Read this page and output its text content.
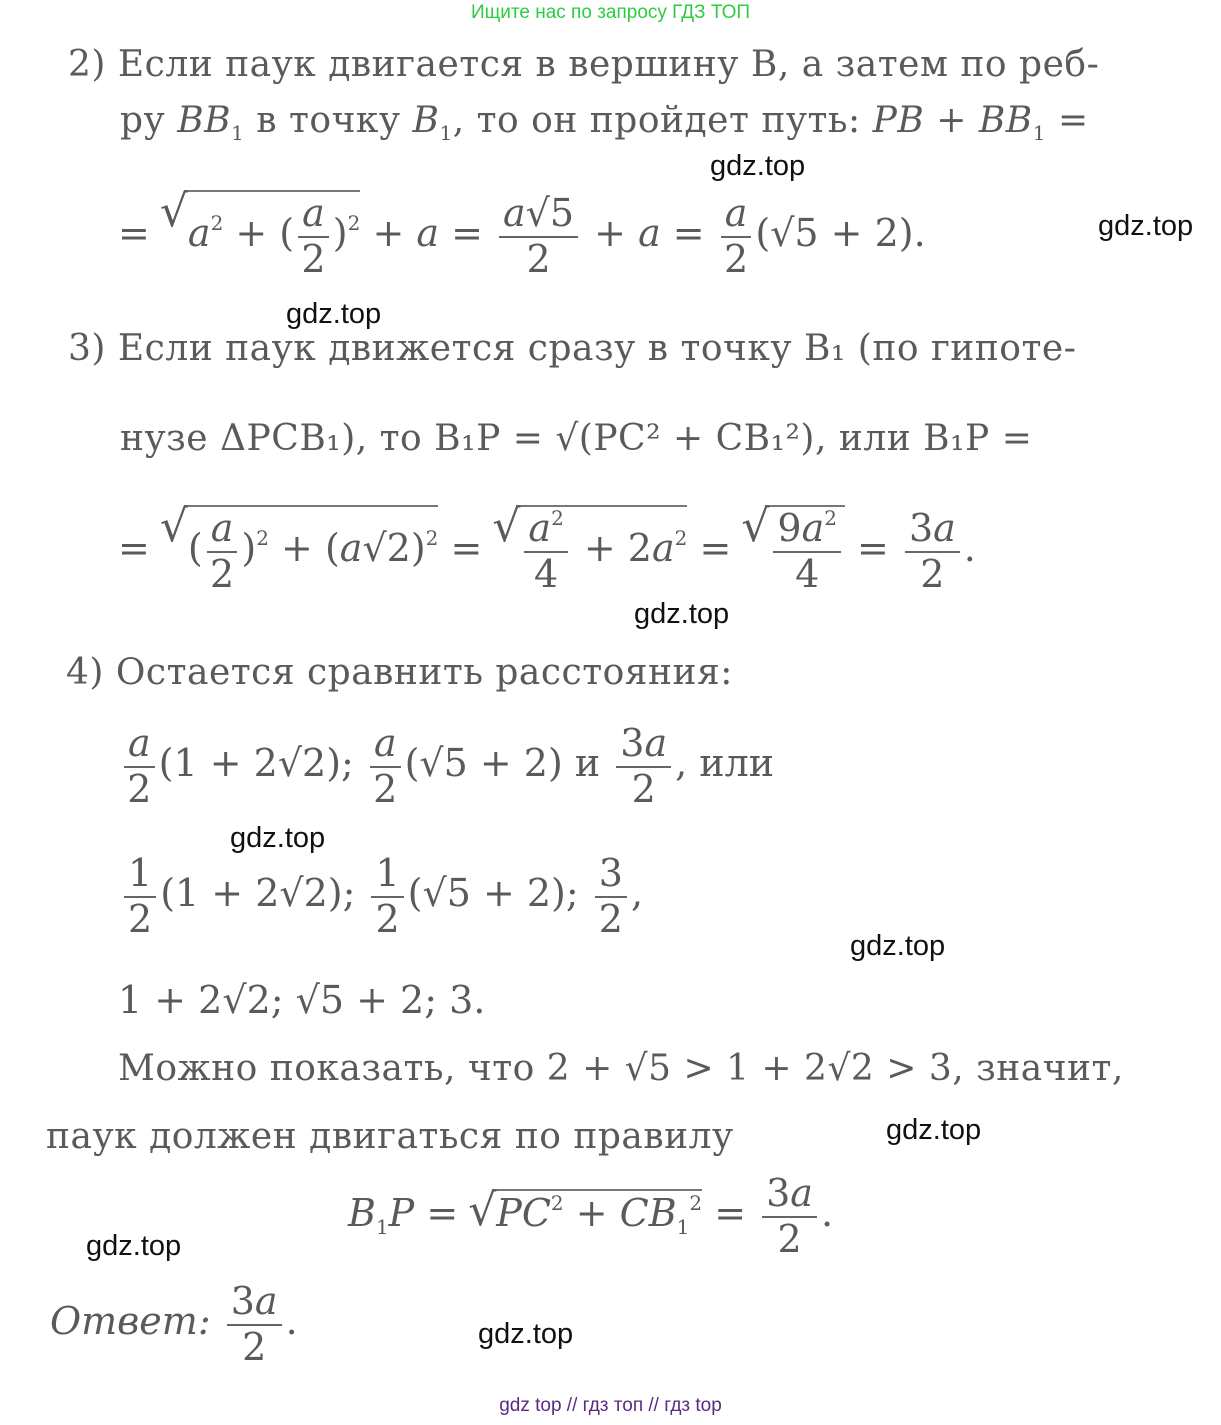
Ищите нас по запросу ГДЗ ТОП
2) Если паук двигается в вершину B, а затем по реб-
ру $BB_1$ в точку $B_1$, то он пройдет путь: PB + $BB_1$ =
= √ $a^2$ + ( $\frac{a}{2} )^2 + a = \frac{a√5}{2} + a = \frac{a}{2} (√5 + 2)$.
3) Если паук движется сразу в точку B₁ (по гипоте-
нузе ΔPCB₁), то B₁P = √(PC² + CB₁²), или B₁P =
= √ ( $\frac{a}{2} )^2 + (a√2)^2$ = √ $\frac{a^2}{4} + 2a^2$ = √ $\frac{9a^2}{4} = \frac{3a}{2}$ .
4) Остается сравнить расстояния:
$\frac{a}{2} (1 + 2√2)$; $\frac{a}{2} (√5 + 2)$ и $\frac{3a}{2}$ , или
$\frac{1}{2} (1 + 2√2)$; $\frac{1}{2} (√5 + 2)$; $\frac{3}{2}$ ,
1 + 2√2; √5 + 2; 3.
Можно показать, что 2 + √5 > 1 + 2√2 > 3, значит,
паук должен двигаться по правилу
$B_1P$ = √ $PC^2 + CB_1^2 = \frac{3a}{2}$ .
Ответ: $\frac{3a}{2}$ .
gdz.top
gdz.top
gdz.top
gdz.top
gdz.top
gdz.top
gdz.top
gdz.top
gdz.top
gdz top // гдз топ // гдз top
